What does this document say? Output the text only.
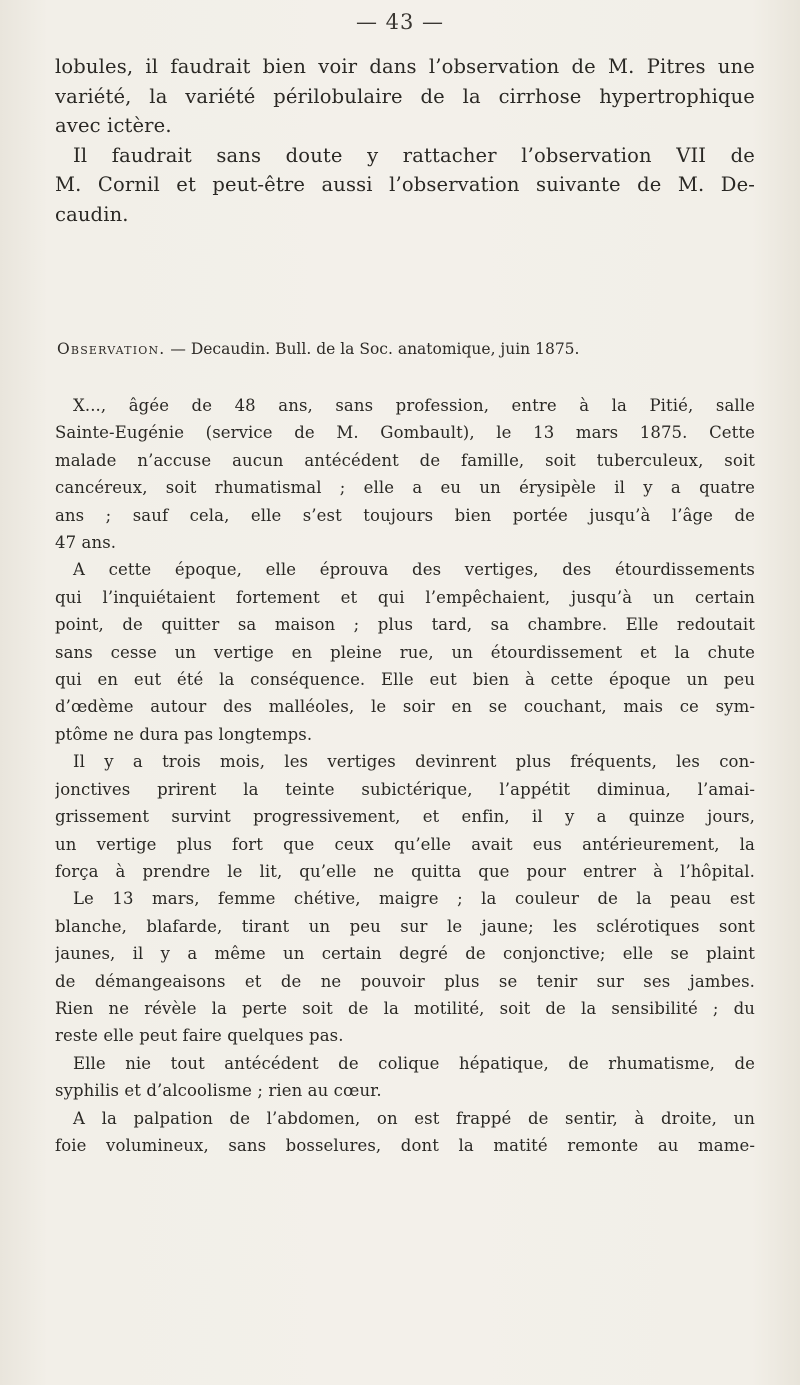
— 43 —
lobules, il faudrait bien voir dans l’observation de M. Pitres une
variété, la variété périlobulaire de la cirrhose hypertrophique
avec ictère.
Il faudrait sans doute y rattacher l’observation VII de
M. Cornil et peut-être aussi l’observation suivante de M. De-
caudin.
Observation. — Decaudin. Bull. de la Soc. anatomique, juin 1875.
X..., âgée de 48 ans, sans profession, entre à la Pitié, salle
Sainte-Eugénie (service de M. Gombault), le 13 mars 1875. Cette
malade n’accuse aucun antécédent de famille, soit tuberculeux, soit
cancéreux, soit rhumatismal ; elle a eu un érysipèle il y a quatre
ans ; sauf cela, elle s’est toujours bien portée jusqu’à l’âge de
47 ans.
A cette époque, elle éprouva des vertiges, des étourdissements
qui l’inquiétaient fortement et qui l’empêchaient, jusqu’à un certain
point, de quitter sa maison ; plus tard, sa chambre. Elle redoutait
sans cesse un vertige en pleine rue, un étourdissement et la chute
qui en eut été la conséquence. Elle eut bien à cette époque un peu
d’œdème autour des malléoles, le soir en se couchant, mais ce sym-
ptôme ne dura pas longtemps.
Il y a trois mois, les vertiges devinrent plus fréquents, les con-
jonctives prirent la teinte subictérique, l’appétit diminua, l’amai-
grissement survint progressivement, et enfin, il y a quinze jours,
un vertige plus fort que ceux qu’elle avait eus antérieurement, la
força à prendre le lit, qu’elle ne quitta que pour entrer à l’hôpital.
Le 13 mars, femme chétive, maigre ; la couleur de la peau est
blanche, blafarde, tirant un peu sur le jaune; les sclérotiques sont
jaunes, il y a même un certain degré de conjonctive; elle se plaint
de démangeaisons et de ne pouvoir plus se tenir sur ses jambes.
Rien ne révèle la perte soit de la motilité, soit de la sensibilité ; du
reste elle peut faire quelques pas.
Elle nie tout antécédent de colique hépatique, de rhumatisme, de
syphilis et d’alcoolisme ; rien au cœur.
A la palpation de l’abdomen, on est frappé de sentir, à droite, un
foie volumineux, sans bosselures, dont la matité remonte au mame-
